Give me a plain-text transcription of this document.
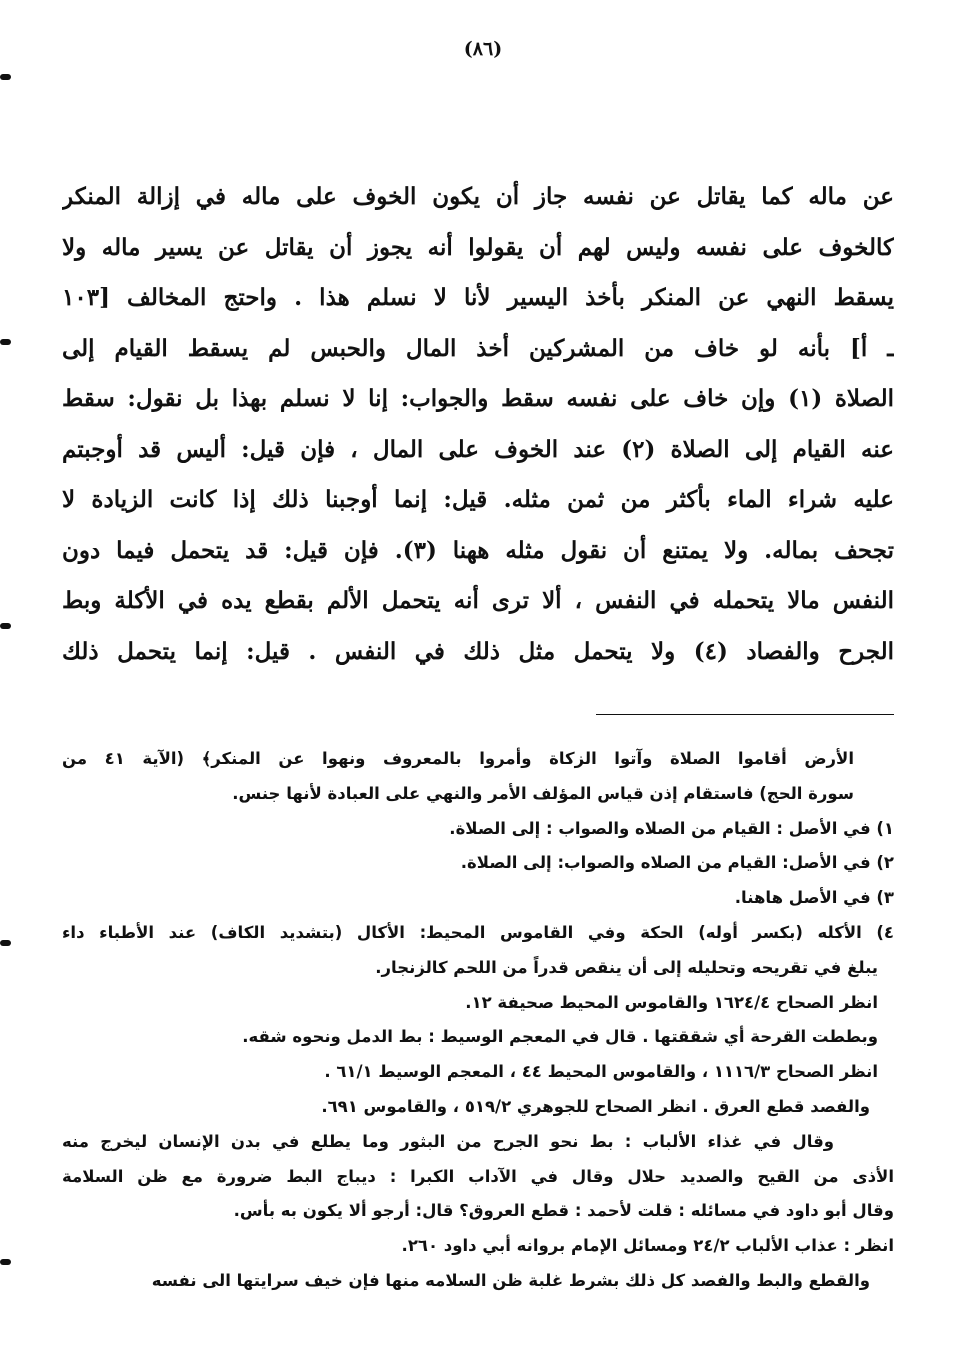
(٨٦)
عن ماله كما يقاتل عن نفسه جاز أن يكون الخوف على ماله في إزالة المنكر
كالخوف على نفسه وليس لهم أن يقولوا أنه يجوز أن يقاتل عن يسير ماله ولا
يسقط النهي عن المنكر بأخذ اليسير لأنا لا نسلم هذا . واحتج المخالف [١٠٣
ـ أ] بأنه لو خاف من المشركين أخذ المال والحبس لم يسقط القيام إلى
الصلاة (١) وإن خاف على نفسه سقط والجواب: إنا لا نسلم بهذا بل نقول: سقط
عنه القيام إلى الصلاة (٢) عند الخوف على المال ، فإن قيل: أليس قد أوجبتم
عليه شراء الماء بأكثر من ثمن مثله. قيل: إنما أوجبنا ذلك إذا كانت الزيادة لا
تجحف بماله. ولا يمتنع أن نقول مثله ههنا (٣). فإن قيل: قد يتحمل فيما دون
النفس مالا يتحمله في النفس ، ألا ترى أنه يتحمل الألم بقطع يده في الأكلة وبط
الجرح والفصاد (٤) ولا يتحمل مثل ذلك في النفس . قيل: إنما يتحمل ذلك
الأرض أقاموا الصلاة وآتوا الزكاة وأمروا بالمعروف ونهوا عن المنكر﴾ (الآية ٤١ من
سورة الحج) فاستقام إذن قياس المؤلف الأمر والنهي على العبادة لأنها جنس.
١) في الأصل : القيام من الصلاه والصواب : إلى الصلاة.
٢) في الأصل: القيام من الصلاه والصواب: إلى الصلاة.
٣) في الأصل هاهنا.
٤) الأكله (بكسر أوله) الحكة وفي القاموس المحيط: الأكال (بتشديد الكاف) عند الأطباء داء
يبلغ في تقريحه وتحليله إلى أن ينقص قدراً من اللحم كالزنجار.
انظر الصحاح ١٦٢٤/٤ والقاموس المحيط صحيفة ١٢.
وبططت القرحة أي شققتها . قال في المعجم الوسيط : بط الدمل ونحوه شقه.
انظر الصحاح ١١١٦/٣ ، والقاموس المحيط ٤٤ ، المعجم الوسيط ٦١/١ .
والفصد قطع العرق . انظر الصحاح للجوهري ٥١٩/٢ ، والقاموس ٦٩١.
وقال في غذاء الألباب : بط نحو الجرح من البثور وما يطلع في بدن الإنسان ليخرج منه
الأذى من القيح والصديد حلال وقال في الآداب الكبرا : ديباج البط ضرورة مع ظن السلامة
وقال أبو داود في مسائله : قلت لأحمد : قطع العروق؟ قال: أرجو ألا يكون به بأس.
انظر : عذاب الألباب ٢٤/٢ ومسائل الإمام بروانه أبي داود ٢٦٠.
والقطع والبط والفصد كل ذلك بشرط غلبة ظن السلامه منها فإن خيف سرايتها الى نفسه
